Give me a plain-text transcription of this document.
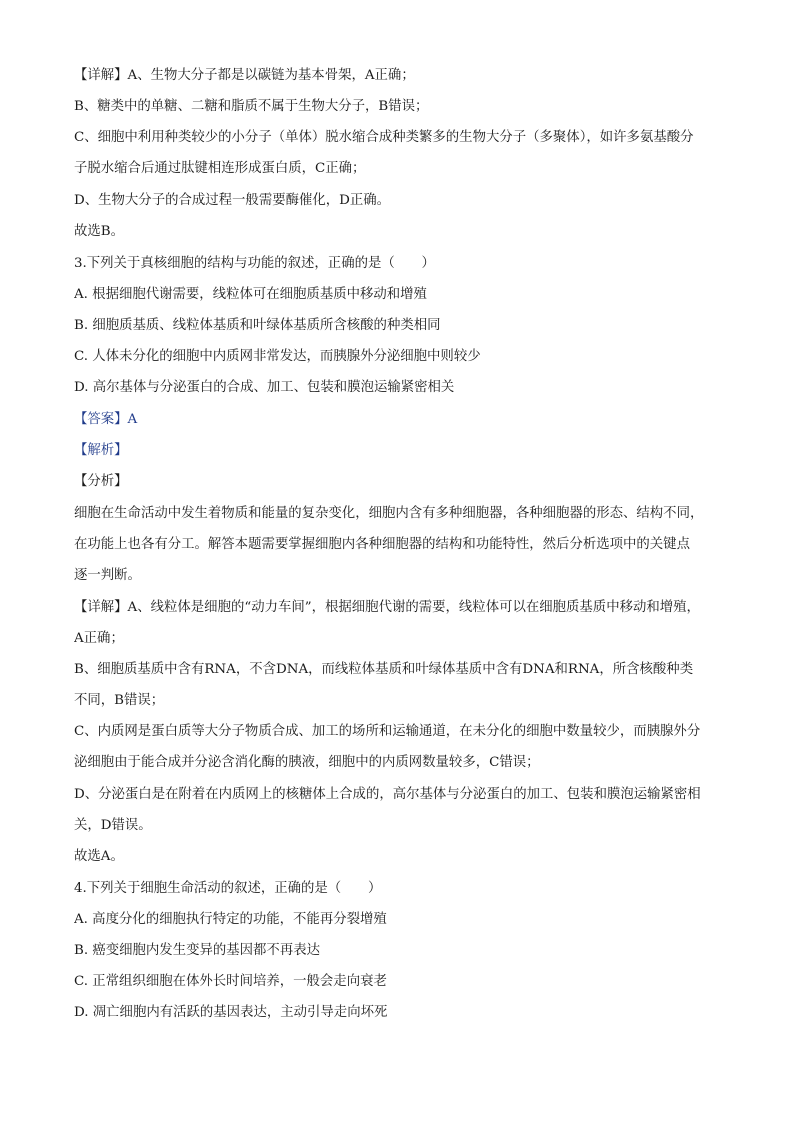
【详解】A、生物大分子都是以碳链为基本骨架，A正确；
B、糖类中的单糖、二糖和脂质不属于生物大分子，B错误；
C、细胞中利用种类较少的小分子（单体）脱水缩合成种类繁多的生物大分子（多聚体），如许多氨基酸分
子脱水缩合后通过肽键相连形成蛋白质，C正确；
D、生物大分子的合成过程一般需要酶催化，D正确。
故选B。
3.下列关于真核细胞的结构与功能的叙述，正确的是（　　）
A. 根据细胞代谢需要，线粒体可在细胞质基质中移动和增殖
B. 细胞质基质、线粒体基质和叶绿体基质所含核酸的种类相同
C. 人体未分化的细胞中内质网非常发达，而胰腺外分泌细胞中则较少
D. 高尔基体与分泌蛋白的合成、加工、包装和膜泡运输紧密相关
【答案】A
【解析】
【分析】
细胞在生命活动中发生着物质和能量的复杂变化，细胞内含有多种细胞器，各种细胞器的形态、结构不同，
在功能上也各有分工。解答本题需要掌握细胞内各种细胞器的结构和功能特性，然后分析选项中的关键点
逐一判断。
【详解】A、线粒体是细胞的“动力车间”，根据细胞代谢的需要，线粒体可以在细胞质基质中移动和增殖，
A正确；
B、细胞质基质中含有RNA，不含DNA，而线粒体基质和叶绿体基质中含有DNA和RNA，所含核酸种类
不同，B错误；
C、内质网是蛋白质等大分子物质合成、加工的场所和运输通道，在未分化的细胞中数量较少，而胰腺外分
泌细胞由于能合成并分泌含消化酶的胰液，细胞中的内质网数量较多，C错误；
D、分泌蛋白是在附着在内质网上的核糖体上合成的，高尔基体与分泌蛋白的加工、包装和膜泡运输紧密相
关，D错误。
故选A。
4.下列关于细胞生命活动的叙述，正确的是（　　）
A. 高度分化的细胞执行特定的功能，不能再分裂增殖
B. 癌变细胞内发生变异的基因都不再表达
C. 正常组织细胞在体外长时间培养，一般会走向衰老
D. 凋亡细胞内有活跃的基因表达，主动引导走向坏死
